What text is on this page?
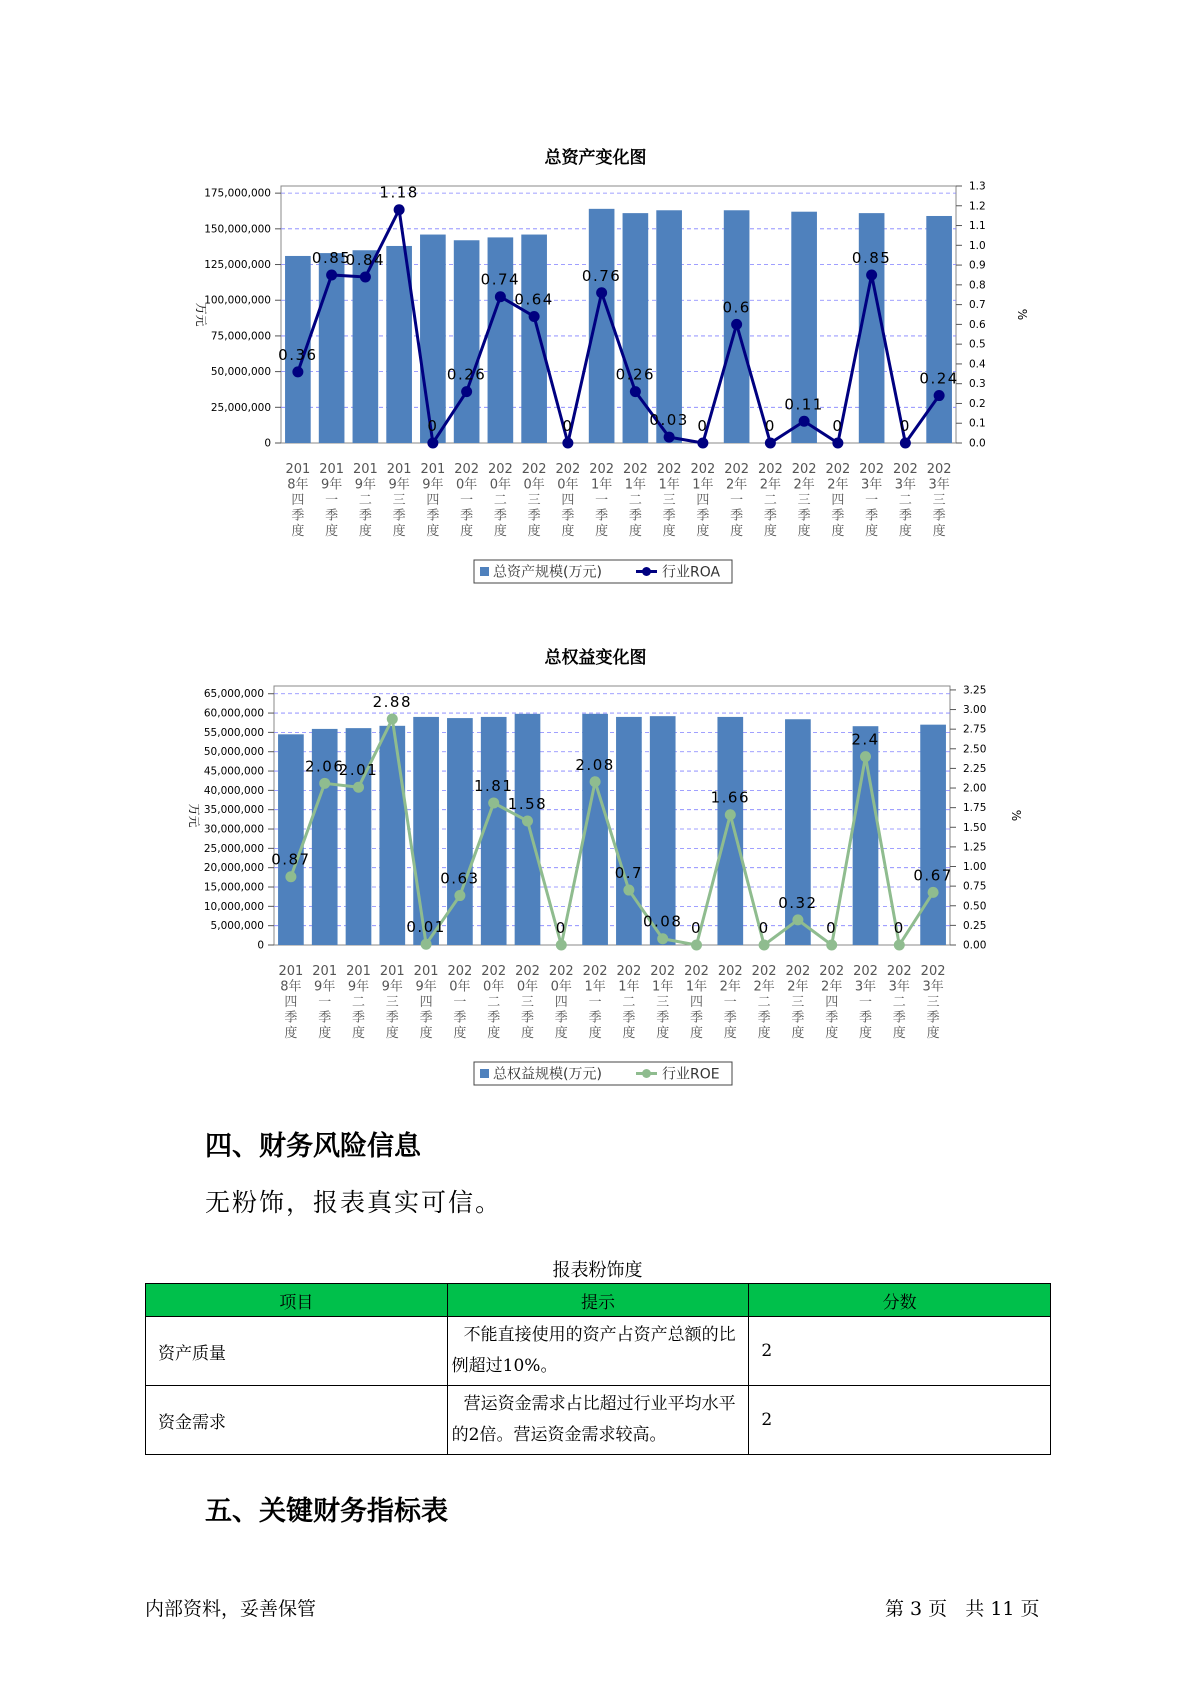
总资产变化图
0
25,000,000
50,000,000
75,000,000
100,000,000
125,000,000
150,000,000
175,000,000
0.0
0.1
0.2
0.3
0.4
0.5
0.6
0.7
0.8
0.9
1.0
1.1
1.2
1.3
万元	%
0.36
0.85
0.84
1.18
0
0.26
0.74
0.64
0
0.76
0.26
0.03 0
0.6
0
0.11
0
0.85
0
0.24
201
8年
四
季
度
201
9年
一
季
度
201
9年
二
季
度
201
9年
三
季
度
201
9年
四
季
度
202
0年
一
季
度
202
0年
二
季
度
202
0年
三
季
度
202
0年
四
季
度
202
1年
一
季
度
202
1年
二
季
度
202
1年
三
季
度
202
1年
四
季
度
202
2年
一
季
度
202
2年
二
季
度
202
2年
三
季
度
202
2年
四
季
度
202
3年
一
季
度
202
3年
二
季
度
202
3年
三
季
度
总资产规模(万元)	行业ROA
总权益变化图
0
5,000,000
10,000,000
15,000,000
20,000,000
25,000,000
30,000,000
35,000,000
40,000,000
45,000,000
50,000,000
55,000,000
60,000,000
65,000,000
0.00
0.25
0.50
0.75
1.00
1.25
1.50
1.75
2.00
2.25
2.50
2.75
3.00
3.25
万元	%
0.87
2.06
2.01
2.88
0.01
0.63
1.81
1.58
0
2.08
0.7
0.08 0
1.66
0
0.32
0
2.4
0
0.67
201
8年
四
季
度
201
9年
一
季
度
201
9年
二
季
度
201
9年
三
季
度
201
9年
四
季
度
202
0年
一
季
度
202
0年
二
季
度
202
0年
三
季
度
202
0年
四
季
度
202
1年
一
季
度
202
1年
二
季
度
202
1年
三
季
度
202
1年
四
季
度
202
2年
一
季
度
202
2年
二
季
度
202
2年
三
季
度
202
2年
四
季
度
202
3年
一
季
度
202
3年
二
季
度
202
3年
三
季
度
总权益规模(万元)	行业ROE
四、财务风险信息

无粉饰，报表真实可信。

报表粉饰度
项目	提示	分数
资产质量	不能直接使用的资产占资产总额的比例超过10%。	2
资金需求	营运资金需求占比超过行业平均水平的2倍。营运资金需求较高。	2
五、关键财务指标表
内部资料，妥善保管	第 3 页   共 11 页
